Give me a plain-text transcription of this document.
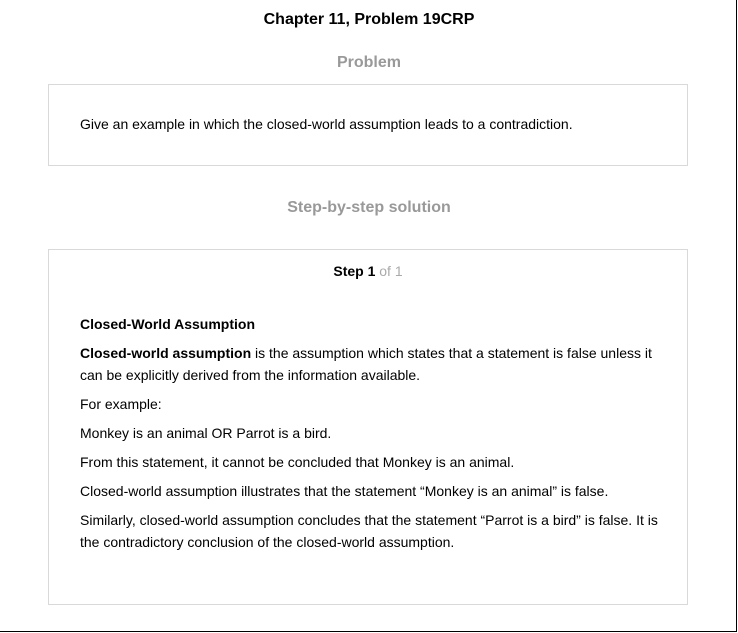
Chapter 11, Problem 19CRP
Problem
Give an example in which the closed-world assumption leads to a contradiction.
Step-by-step solution
Step 1 of 1

Closed-World Assumption

Closed-world assumption is the assumption which states that a statement is false unless it can be explicitly derived from the information available.

For example:

Monkey is an animal OR Parrot is a bird.

From this statement, it cannot be concluded that Monkey is an animal.

Closed-world assumption illustrates that the statement “Monkey is an animal” is false.

Similarly, closed-world assumption concludes that the statement “Parrot is a bird” is false. It is the contradictory conclusion of the closed-world assumption.
